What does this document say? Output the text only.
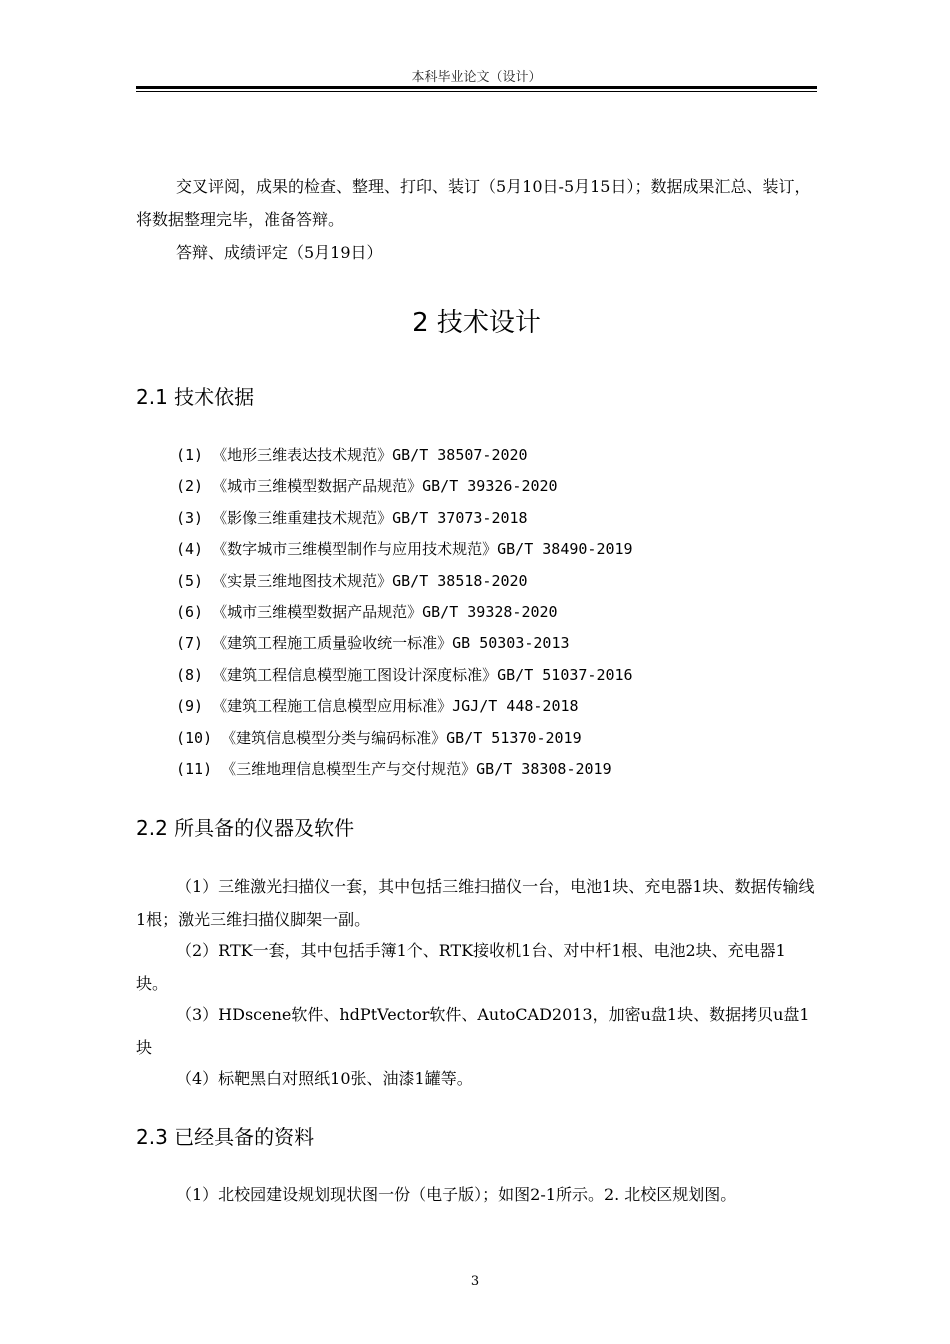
本科毕业论文（设计）
交叉评阅，成果的检查、整理、打印、装订（5月10日-5月15日）；数据成果汇总、装订，将数据整理完毕，准备答辩。
答辩、成绩评定（5月19日）
2 技术设计
2.1 技术依据
(1) 《地形三维表达技术规范》GB/T 38507-2020
(2) 《城市三维模型数据产品规范》GB/T 39326-2020
(3) 《影像三维重建技术规范》GB/T 37073-2018
(4) 《数字城市三维模型制作与应用技术规范》GB/T 38490-2019
(5) 《实景三维地图技术规范》GB/T 38518-2020
(6) 《城市三维模型数据产品规范》GB/T 39328-2020
(7) 《建筑工程施工质量验收统一标准》GB 50303-2013
(8) 《建筑工程信息模型施工图设计深度标准》GB/T 51037-2016
(9) 《建筑工程施工信息模型应用标准》JGJ/T 448-2018
(10) 《建筑信息模型分类与编码标准》GB/T 51370-2019
(11) 《三维地理信息模型生产与交付规范》GB/T 38308-2019
2.2 所具备的仪器及软件
（1）三维激光扫描仪一套，其中包括三维扫描仪一台，电池1块、充电器1块、数据传输线1根；激光三维扫描仪脚架一副。
（2）RTK一套，其中包括手簿1个、RTK接收机1台、对中杆1根、电池2块、充电器1块。
（3）HDscene软件、hdPtVector软件、AutoCAD2013，加密u盘1块、数据拷贝u盘1块
（4）标靶黑白对照纸10张、油漆1罐等。
2.3 已经具备的资料
（1）北校园建设规划现状图一份（电子版）；如图2-1所示。2. 北校区规划图。
3
